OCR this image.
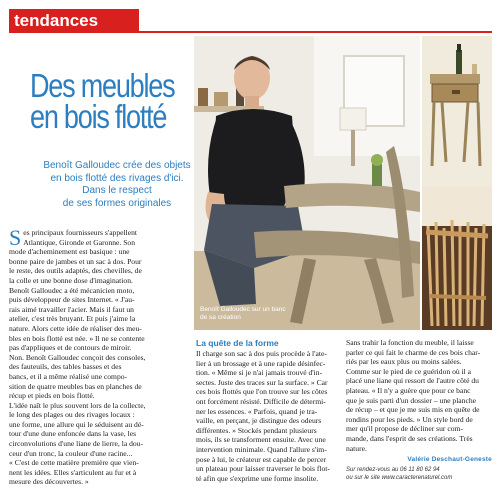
tendances
Des meubles
en bois flotté
Benoît Galloudec crée des objets
en bois flotté des rivages d'ici.
Dans le respect
de ses formes originales
S es principaux fournisseurs s'appellent
Atlantique, Gironde et Garonne. Son
mode d'acheminement est basique : une
bonne paire de jambes et un sac à dos. Pour
le reste, des outils adaptés, des chevilles, de
la colle et une bonne dose d'imagination.
Benoît Galloudec a été mécanicien moto,
puis développeur de sites Internet. « J'au-
rais aimé travailler l'acier. Mais il faut un
atelier, c'est très bruyant. Et puis j'aime la
nature. Alors cette idée de réaliser des meu-
bles en bois flotté est née. » Il ne se contente
pas d'appliques et de contours de miroir.
Non. Benoît Galloudec conçoit des consoles,
des fauteuils, des tables basses et des
bancs, et il a même réalisé une compo-
sition de quatre meubles bas en planches de
récup et pieds en bois flotté.
L'idée naît le plus souvent lors de la collecte,
le long des plages ou des rivages locaux :
une forme, une allure qui le séduisent au dé-
tour d'une dune enfoncée dans la vase, les
circonvolutions d'une liane de lierre, la dou-
ceur d'un tronc, la couleur d'une racine...
« C'est de cette matière première que vien-
nent les idées. Elles s'articulent au fur et à
mesure des découvertes. »
Benoît Galloudec sur un banc
de sa création
La quête de la forme
Il charge son sac à dos puis procède à l'ate-
lier à un brossage et à une rapide désinfec-
tion. « Même si je n'ai jamais trouvé d'in-
sectes. Juste des traces sur la surface. » Car
ces bois flottés que l'on trouve sur les côtes
ont forcément résisté. Difficile de détermi-
ner les essences. « Parfois, quand je tra-
vaille, en perçant, je distingue des odeurs
différentes. » Stockés pendant plusieurs
mois, ils se transforment ensuite. Avec une
intervention minimale. Quand l'allure s'im-
pose à lui, le créateur est capable de percer
un plateau pour laisser traverser le bois flot-
té afin que s'exprime une forme insolite.
Sans trahir la fonction du meuble, il laisse
parler ce qui fait le charme de ces bois char-
riés par les eaux plus ou moins salées.
Comme sur le pied de ce guéridon où il a
placé une liane qui ressort de l'autre côté du
plateau. « Il n'y a guère que pour ce banc
que je suis parti d'un dossier – une planche
de récup – et que je me suis mis en quête de
rondins pour les pieds. » Un style bord de
mer qu'il propose de décliner sur com-
mande, dans l'esprit de ses créations. Très
nature.
Valérie Deschaut-Geneste
Sur rendez-vous au 06 11 80 62 94
ou sur le site www.caracterenaturel.com
